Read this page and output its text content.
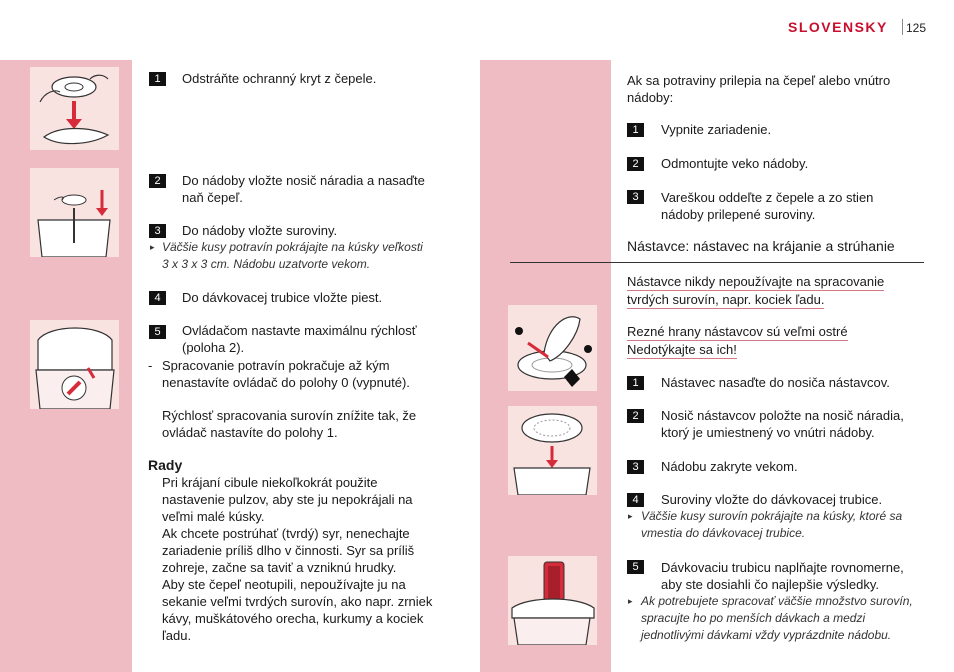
SLOVENSKY 125
1	Odstráňte ochranný kryt z čepele.
2	Do nádoby vložte nosič náradia a nasaďte
naň čepeľ.
3	Do nádoby vložte suroviny.
▸ Väčšie kusy potravín pokrájajte na kúsky veľkosti
3 x 3 x 3 cm. Nádobu uzatvorte vekom.
4	Do dávkovacej trubice vložte piest.
5	Ovládačom nastavte maximálnu rýchlosť
(poloha 2).
- Spracovanie potravín pokračuje až kým
nenastavíte ovládač do polohy 0 (vypnuté).
Rýchlosť spracovania surovín znížite tak, že
ovládač nastavíte do polohy 1.
Rady
Pri krájaní cibule niekoľkokrát použite
nastavenie pulzov, aby ste ju nepokrájali na
veľmi malé kúsky.
Ak chcete postrúhať (tvrdý) syr, nenechajte
zariadenie príliš dlho v činnosti. Syr sa príliš
zohreje, začne sa taviť a vzniknú hrudky.
Aby ste čepeľ neotupili, nepoužívajte ju na
sekanie veľmi tvrdých surovín, ako napr. zrniek
kávy, muškátového orecha, kurkumy a kociek
ľadu.
Ak sa potraviny prilepia na čepeľ alebo vnútro
nádoby:
1	Vypnite zariadenie.
2	Odmontujte veko nádoby.
3	Vareškou oddeľte z čepele a zo stien
nádoby prilepené suroviny.
Nástavce: nástavec na krájanie a strúhanie
Nástavce nikdy nepoužívajte na spracovanie
tvrdých surovín, napr. kociek ľadu.
Rezné hrany nástavcov sú veľmi ostré
Nedotýkajte sa ich!
1	Nástavec nasaďte do nosiča nástavcov.
2	Nosič nástavcov položte na nosič náradia,
ktorý je umiestnený vo vnútri nádoby.
3	Nádobu zakryte vekom.
4	Suroviny vložte do dávkovacej trubice.
▸ Väčšie kusy surovín pokrájajte na kúsky, ktoré sa
vmestia do dávkovacej trubice.
5	Dávkovaciu trubicu naplňajte rovnomerne,
aby ste dosiahli čo najlepšie výsledky.
▸ Ak potrebujete spracovať väčšie množstvo surovín,
spracujte ho po menších dávkach a medzi
jednotlivými dávkami vždy vyprázdnite nádobu.
